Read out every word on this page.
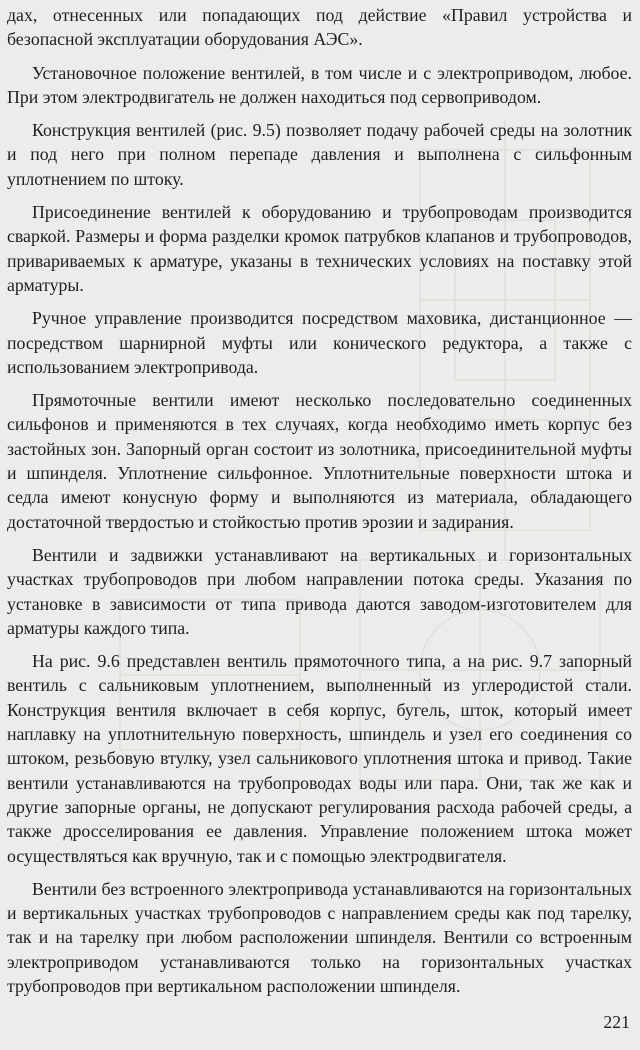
дах, отнесенных или попадающих под действие «Правил устройства и безопасной эксплуатации оборудования АЭС».

Установочное положение вентилей, в том числе и с электроприводом, любое. При этом электродвигатель не должен находиться под сервоприводом.

Конструкция вентилей (рис. 9.5) позволяет подачу рабочей среды на золотник и под него при полном перепаде давления и выполнена с сильфонным уплотнением по штоку.

Присоединение вентилей к оборудованию и трубопроводам производится сваркой. Размеры и форма разделки кромок патрубков клапанов и трубопроводов, привариваемых к арматуре, указаны в технических условиях на поставку этой арматуры.

Ручное управление производится посредством маховика, дистанционное — посредством шарнирной муфты или конического редуктора, а также с использованием электропривода.

Прямоточные вентили имеют несколько последовательно соединенных сильфонов и применяются в тех случаях, когда необходимо иметь корпус без застойных зон. Запорный орган состоит из золотника, присоединительной муфты и шпинделя. Уплотнение сильфонное. Уплотнительные поверхности штока и седла имеют конусную форму и выполняются из материала, обладающего достаточной твердостью и стойкостью против эрозии и задирания.

Вентили и задвижки устанавливают на вертикальных и горизонтальных участках трубопроводов при любом направлении потока среды. Указания по установке в зависимости от типа привода даются заводом-изготовителем для арматуры каждого типа.

На рис. 9.6 представлен вентиль прямоточного типа, а на рис. 9.7 запорный вентиль с сальниковым уплотнением, выполненный из углеродистой стали. Конструкция вентиля включает в себя корпус, бугель, шток, который имеет наплавку на уплотнительную поверхность, шпиндель и узел его соединения со штоком, резьбовую втулку, узел сальникового уплотнения штока и привод. Такие вентили устанавливаются на трубопроводах воды или пара. Они, так же как и другие запорные органы, не допускают регулирования расхода рабочей среды, а также дросселирования ее давления. Управление положением штока может осуществляться как вручную, так и с помощью электродвигателя.

Вентили без встроенного электропривода устанавливаются на горизонтальных и вертикальных участках трубопроводов с направлением среды как под тарелку, так и на тарелку при любом расположении шпинделя. Вентили со встроенным электроприводом устанавливаются только на горизонтальных участках трубопроводов при вертикальном расположении шпинделя.

221
